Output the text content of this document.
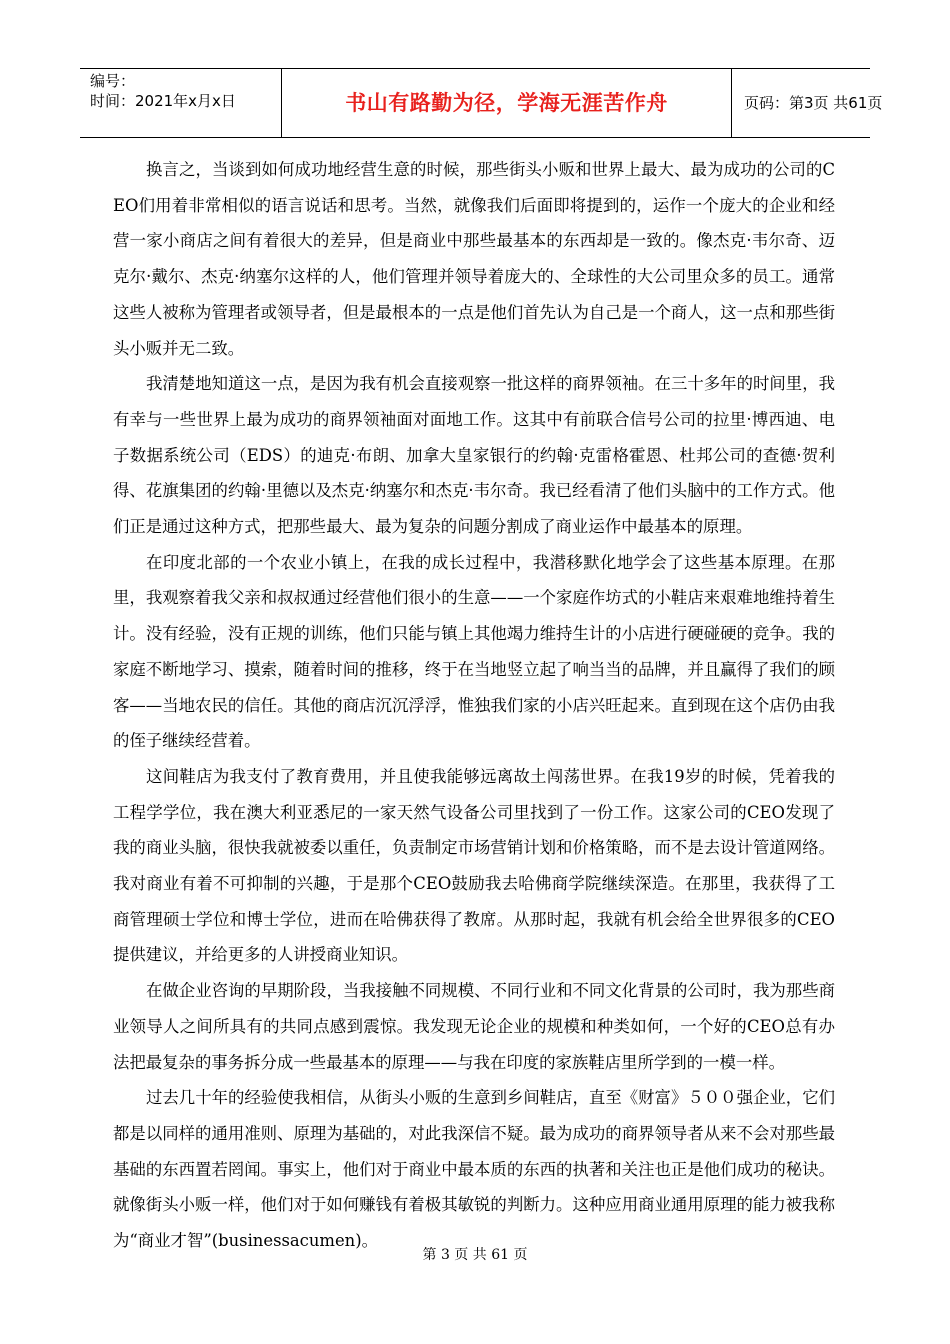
编号：
时间：2021年x月x日	书山有路勤为径，学海无涯苦作舟	页码：第3页 共61页

换言之，当谈到如何成功地经营生意的时候，那些街头小贩和世界上最大、最为成功的公司的CEO们用着非常相似的语言说话和思考。当然，就像我们后面即将提到的，运作一个庞大的企业和经营一家小商店之间有着很大的差异，但是商业中那些最基本的东西却是一致的。像杰克·韦尔奇、迈克尔·戴尔、杰克·纳塞尔这样的人，他们管理并领导着庞大的、全球性的大公司里众多的员工。通常这些人被称为管理者或领导者，但是最根本的一点是他们首先认为自己是一个商人，这一点和那些街头小贩并无二致。

我清楚地知道这一点，是因为我有机会直接观察一批这样的商界领袖。在三十多年的时间里，我有幸与一些世界上最为成功的商界领袖面对面地工作。这其中有前联合信号公司的拉里·博西迪、电子数据系统公司（EDS）的迪克·布朗、加拿大皇家银行的约翰·克雷格霍恩、杜邦公司的查德·贺利得、花旗集团的约翰·里德以及杰克·纳塞尔和杰克·韦尔奇。我已经看清了他们头脑中的工作方式。他们正是通过这种方式，把那些最大、最为复杂的问题分割成了商业运作中最基本的原理。

在印度北部的一个农业小镇上，在我的成长过程中，我潜移默化地学会了这些基本原理。在那里，我观察着我父亲和叔叔通过经营他们很小的生意——一个家庭作坊式的小鞋店来艰难地维持着生计。没有经验，没有正规的训练，他们只能与镇上其他竭力维持生计的小店进行硬碰硬的竞争。我的家庭不断地学习、摸索，随着时间的推移，终于在当地竖立起了响当当的品牌，并且赢得了我们的顾客——当地农民的信任。其他的商店沉沉浮浮，惟独我们家的小店兴旺起来。直到现在这个店仍由我的侄子继续经营着。

这间鞋店为我支付了教育费用，并且使我能够远离故土闯荡世界。在我19岁的时候，凭着我的工程学学位，我在澳大利亚悉尼的一家天然气设备公司里找到了一份工作。这家公司的CEO发现了我的商业头脑，很快我就被委以重任，负责制定市场营销计划和价格策略，而不是去设计管道网络。我对商业有着不可抑制的兴趣，于是那个CEO鼓励我去哈佛商学院继续深造。在那里，我获得了工商管理硕士学位和博士学位，进而在哈佛获得了教席。从那时起，我就有机会给全世界很多的CEO提供建议，并给更多的人讲授商业知识。

在做企业咨询的早期阶段，当我接触不同规模、不同行业和不同文化背景的公司时，我为那些商业领导人之间所具有的共同点感到震惊。我发现无论企业的规模和种类如何，一个好的CEO总有办法把最复杂的事务拆分成一些最基本的原理——与我在印度的家族鞋店里所学到的一模一样。

过去几十年的经验使我相信，从街头小贩的生意到乡间鞋店，直至《财富》５００强企业，它们都是以同样的通用准则、原理为基础的，对此我深信不疑。最为成功的商界领导者从来不会对那些最基础的东西置若罔闻。事实上，他们对于商业中最本质的东西的执著和关注也正是他们成功的秘诀。就像街头小贩一样，他们对于如何赚钱有着极其敏锐的判断力。这种应用商业通用原理的能力被我称为“商业才智”(businessacumen)。

第 3 页 共 61 页
